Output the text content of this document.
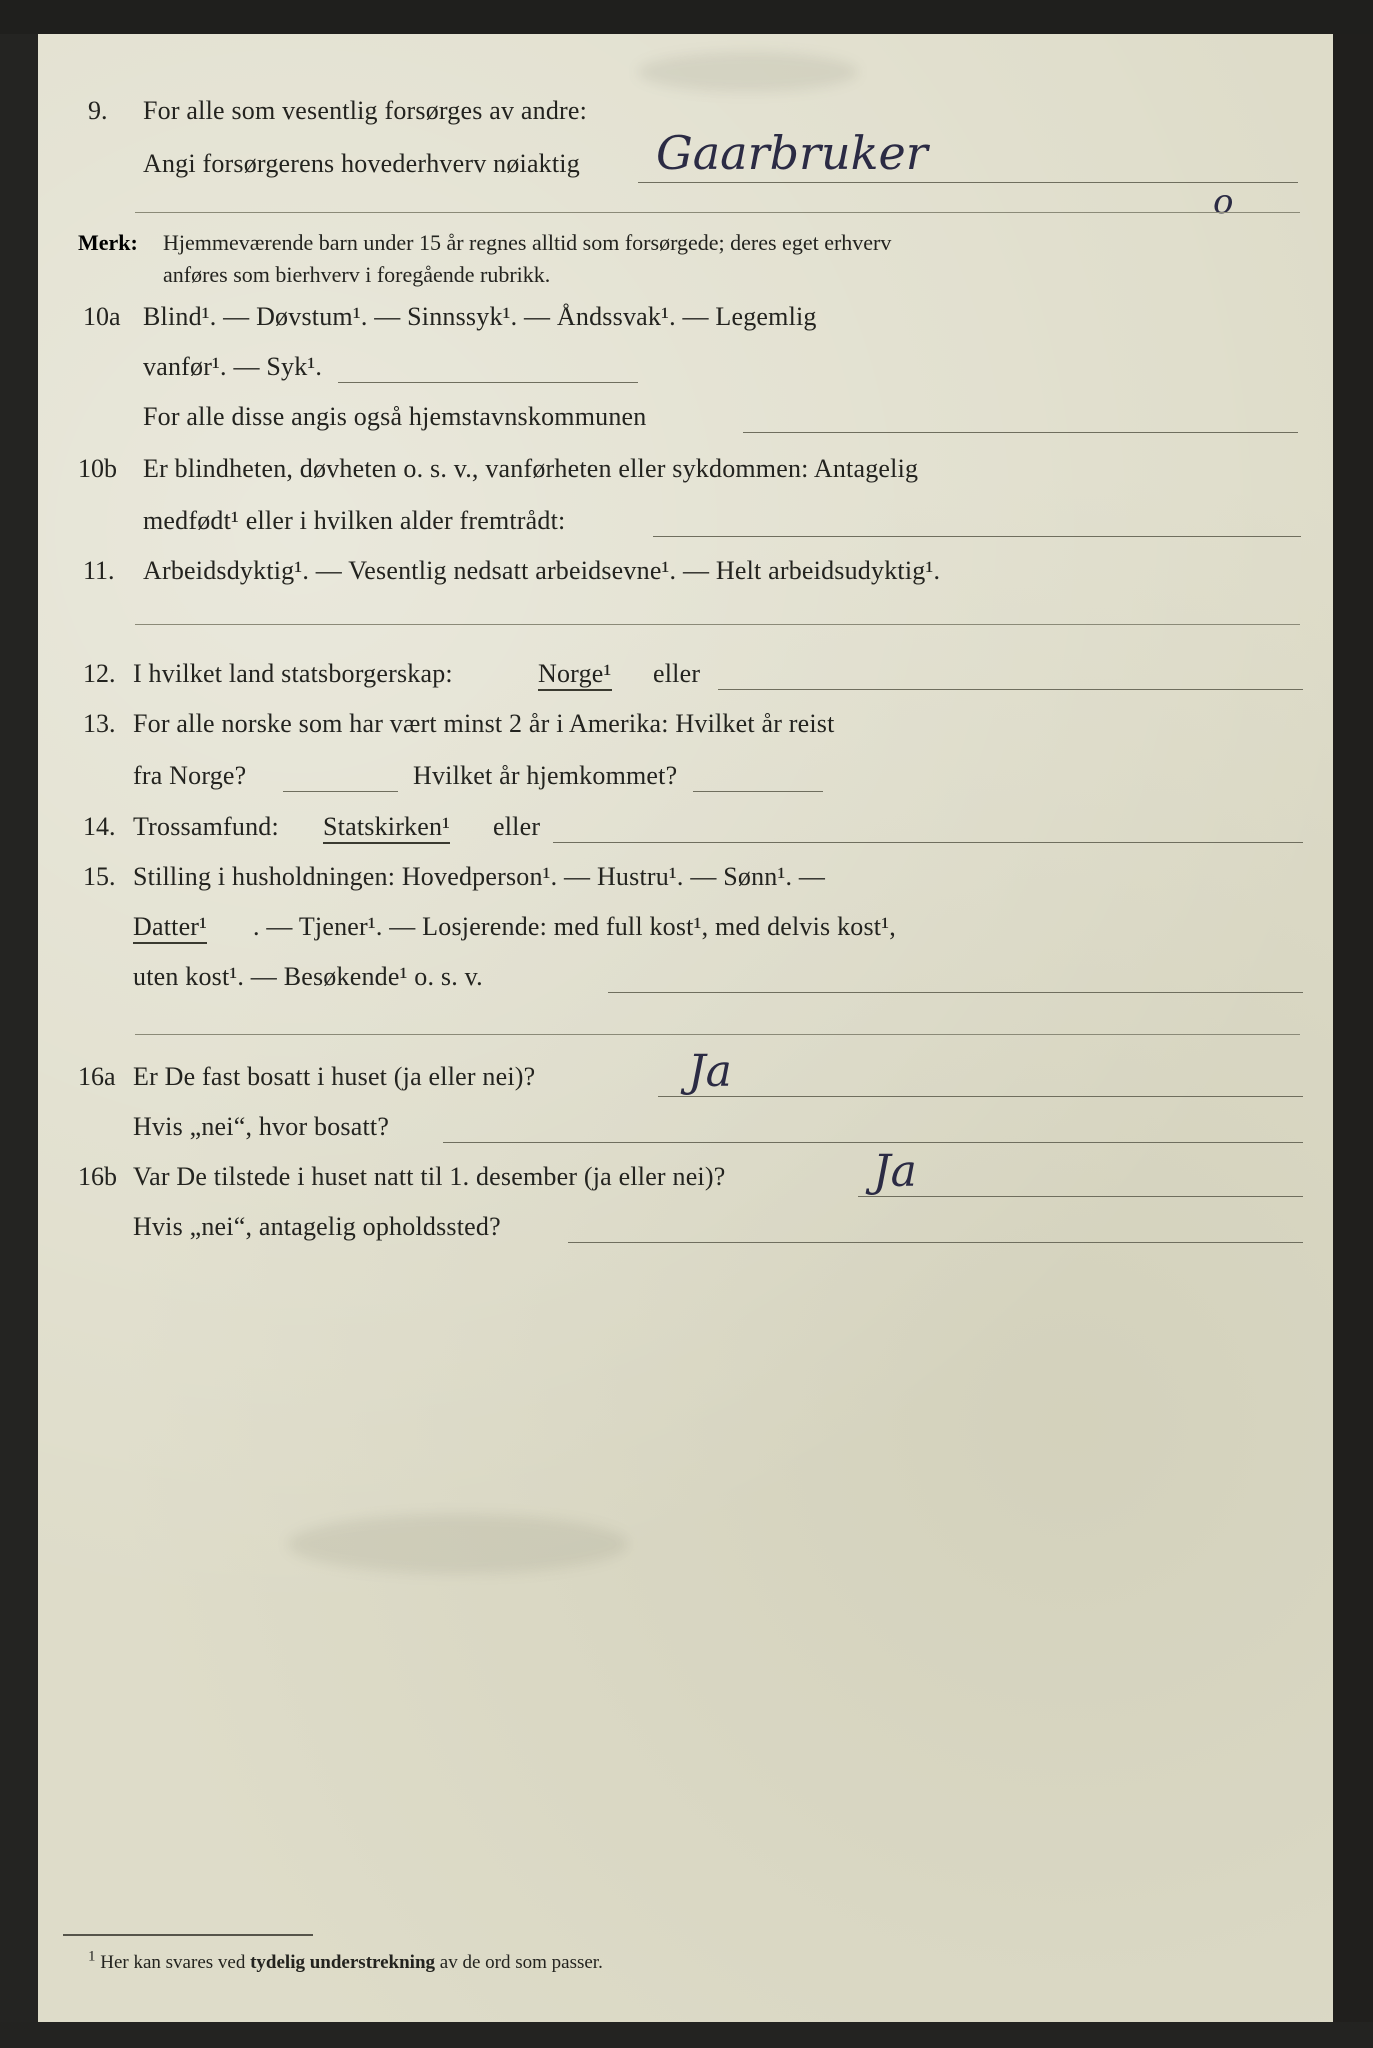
9. For alle som vesentlig forsørges av andre:
Angi forsørgerens hovederhverv nøiaktig Gaarbruker
o
Merk: Hjemmeværende barn under 15 år regnes alltid som forsørgede; deres eget erhverv
anføres som bierhverv i foregående rubrikk.
10a Blind¹. — Døvstum¹. — Sinnssyk¹. — Åndssvak¹. — Legemlig
vanfør¹. — Syk¹.
For alle disse angis også hjemstavnskommunen
10b Er blindheten, døvheten o. s. v., vanførheten eller sykdommen: Antagelig
medfødt¹ eller i hvilken alder fremtrådt:
11. Arbeidsdyktig¹. — Vesentlig nedsatt arbeidsevne¹. — Helt arbeidsudyktig¹.
12. I hvilket land statsborgerskap:	Norge¹ eller
13. For alle norske som har vært minst 2 år i Amerika: Hvilket år reist
fra Norge?	Hvilket år hjemkommet?
14. Trossamfund: Statskirken¹ eller
15. Stilling i husholdningen: Hovedperson¹. — Hustru¹. — Sønn¹. —
Datter¹ . — Tjener¹. — Losjerende: med full kost¹, med delvis kost¹,
uten kost¹. — Besøkende¹ o. s. v.
16a Er De fast bosatt i huset (ja eller nei)?	Ja
Hvis „nei“, hvor bosatt?
16b Var De tilstede i huset natt til 1. desember (ja eller nei)?	Ja
Hvis „nei“, antagelig opholdssted?
$^1$ Her kan svares ved tydelig understrekning av de ord som passer.
